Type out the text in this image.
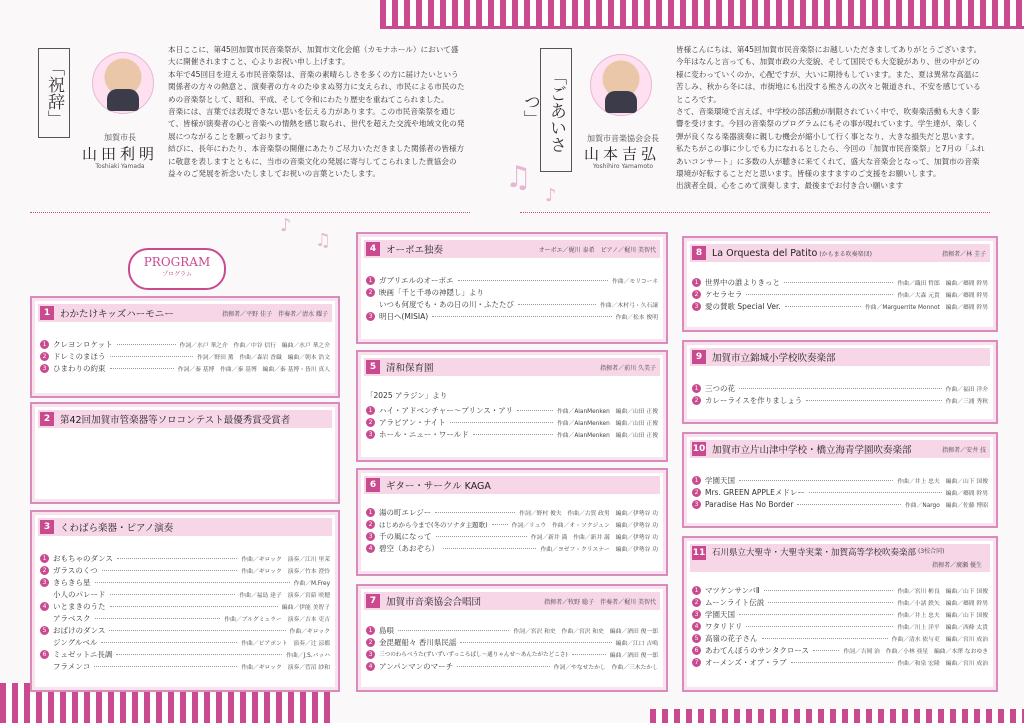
♪
♫
♫
♪
「祝辞」
加賀市長
山田利明
Toshiaki Yamada

本日ここに、第45回加賀市民音楽祭が、加賀市文化会館（カモナホール）において盛大に開催されますこと、心よりお祝い申し上げます。

本年で45回目を迎える市民音楽祭は、音楽の素晴らしさを多くの方に届けたいという関係者の方々の熱意と、演奏者の方々のたゆまぬ努力に支えられ、市民による市民のための音楽祭として、昭和、平成、そして令和にわたり歴史を重ねてこられました。

音楽には、言葉では表現できない思いを伝える力があります。この市民音楽祭を通じて、皆様が演奏者の心と音楽への情熱を感じ取られ、世代を超えた交流や地域文化の発展につながることを願っております。

結びに、長年にわたり、本音楽祭の開催にあたりご尽力いただきました関係者の皆様方に敬意を表しますとともに、当市の音楽文化の発展に寄与してこられました貴協会の益々のご発展を祈念いたしましてお祝いの言葉といたします。

「ごあいさつ」
加賀市音楽協会会長
山本吉弘
Yoshihiro Yamamoto

皆様こんにちは、第45回加賀市民音楽祭にお越しいただきましてありがとうございます。

今年はなんと言っても、加賀市政の大変貌、そして国民でも大変貌があり、世の中がどの様に変わっていくのか、心配ですが、大いに期待もしています。また、夏は異常な高温に苦しみ、秋から冬には、市街地にも出没する熊さんの次々と報道され、不安を感じているところです。

さて、音楽環境で言えば、中学校の部活動が制限されていく中で、吹奏楽活動も大きく影響を受けます。今回の音楽祭のプログラムにもその事が現れています。学生達が、楽しく弾が良くなる楽器演奏に親しむ機会が縮小して行く事となり、大きな損失だと思います。私たちがこの事に少しでも力になれるとしたら、今回の「加賀市民音楽祭」と7月の「ふれあいコンサート」に多数の人が聴きに来てくれて、盛大な音楽会となって、加賀市の音楽環境が好転することだと思います。皆様のますますのご支援をお願いします。

出演者全員、心をこめて演奏します、最後までお付き合い願います

PROGRAM
プログラム
1	わかたけキッズハーモニー	指揮者／平野 佳子　伴奏者／清水 耀子
1 クレヨンロケット	作詞／水戸 華之介　作曲／中谷 信行　編曲／水戸 華之介
2 ドレミのまほう	作詞／野田 薫　作曲／森岩 香織　編曲／朝本 浩文
3 ひまわりの約束	作詞／秦 基博　作曲／秦 基博　編曲／秦 基博・皆川 真人
2	第42回加賀市管楽器等ソロコンテスト最優秀賞受賞者
3	くわばら楽器・ピアノ演奏
1 おもちゃのダンス	作曲／ギロック　演奏／江川 里茉
2 ガラスのくつ	作曲／ギロック　演奏／竹本 澄怜
3 きらきら星	作曲／M.Frey
小人のパレード	作曲／福島 達子　演奏／宮蒝 咲穂
4 いとまきのうた	編曲／伊能 美智子
アラベスク	作曲／ブルグミュラー　演奏／吉本 吏吉
5 おばけのダンス	作曲／ギロック
ジングルベル	作曲／ピアポント　演奏／辻 涼都
6 ミュゼットニ長調	作曲／J.S.バッハ
フラメンコ	作曲／ギロック　演奏／菅沼 紗和
4	オーボエ独奏	オーボエ／梶川 泰希　ピアノ／梶川 美智代
1 ガブリエルのオーボエ	作曲／モリコーネ
2 映画「千と千尋の神隠し」より
いつも何度でも・あの日の川・ふたたび	作曲／木村弓・久石譲
3 明日へ(MISIA)	作曲／松本 俊明
5	清和保育園	指揮者／前川 久美子
「2025 アラジン」より
1 ハイ・アドベンチャー～プリンス・アリ	作曲／AlanMenken　編曲／山田 正俊
2 アラビアン・ナイト	作曲／AlanMenken　編曲／山田 正俊
3 ホール・ニュー・ワールド	作曲／AlanMenken　編曲／山田 正俊
6	ギター・サークル KAGA
1 湯の町エレジー	作詞／野村 俊夫　作曲／古賀 政男　編曲／伊勢谷 功
2	はじめから今まで(冬のソナタ主題歌)	作詞／リュウ　作曲／オ・ソクジュン　編曲／伊勢谷 功
3 千の風になって	作詞／新井 満　作曲／新井 満　編曲／伊勢谷 功
4 碧空（あおぞら）	作曲／ヨゼフ・クリスナー　編曲／伊勢谷 功
7	加賀市音楽協会合唱団	指揮者／牧野 聡子　伴奏者／梶川 美智代
1 島唄	作詞／宮沢 和史　作曲／宮沢 和史　編曲／酒田 俊一郎
2 金毘羅船々 香川県民謡	編曲／江口 吉鳴
3	三つのわらべうた(ずいずいずっころばし～通りゃんせ～あんたがたどこさ)	編曲／酒田 俊一郎
4 アンパンマンのマーチ	作詞／やなせたかし　作曲／三木たかし
8	La Orquesta del Patito (かもまる吹奏楽団)	指揮者／林 圭子
1 世界中の誰よりきっと	作曲／織田 哲郎　編曲／郷間 幹男
2 ケセラセラ	作曲／大森 元貴　編曲／郷間 幹男
3 愛の賛歌 Special Ver.	作曲／Marguerrite Monnot　編曲／郷間 幹男
9	加賀市立錦城小学校吹奏楽部
1 三つの花	作曲／福田 洋介
2 カレーライスを作りましょう	作曲／三浦 秀秋
10 加賀市立片山津中学校・橋立海青学園吹奏楽部	指揮者／安井 技
1 学園天国	作曲／井上 忠夫　編曲／山下 国俊
2 Mrs. GREEN APPLEメドレー	編曲／郷間 幹男
3 Paradise Has No Border	作曲／Nargo　編曲／佐藤 博昭
11 石川県立大聖寺・大聖寺実業・加賀高等学校吹奏楽部 (3校合同)
指揮者／廣瀬 優生
1 マツケンサンバⅡ	作曲／宮川 彬良　編曲／山下 国俊
2 ムーンライト伝説	作曲／小諸 鉄矢　編曲／郷間 幹男
3 学園天国	作曲／井上 忠夫　編曲／山下 国俊
4 ワタリドリ	作曲／川上 洋平　編曲／西條 太貴
5 高嶺の花子さん	作曲／清水 依与吏　編曲／宮川 成治
6 あわてんぼうのサンタクロース	作詞／吉岡 治　作曲／小林 亜星　編曲／本澤 なおゆき
7 オーメンズ・オブ・ラブ	作曲／和泉 宏隆　編曲／宮川 成治
